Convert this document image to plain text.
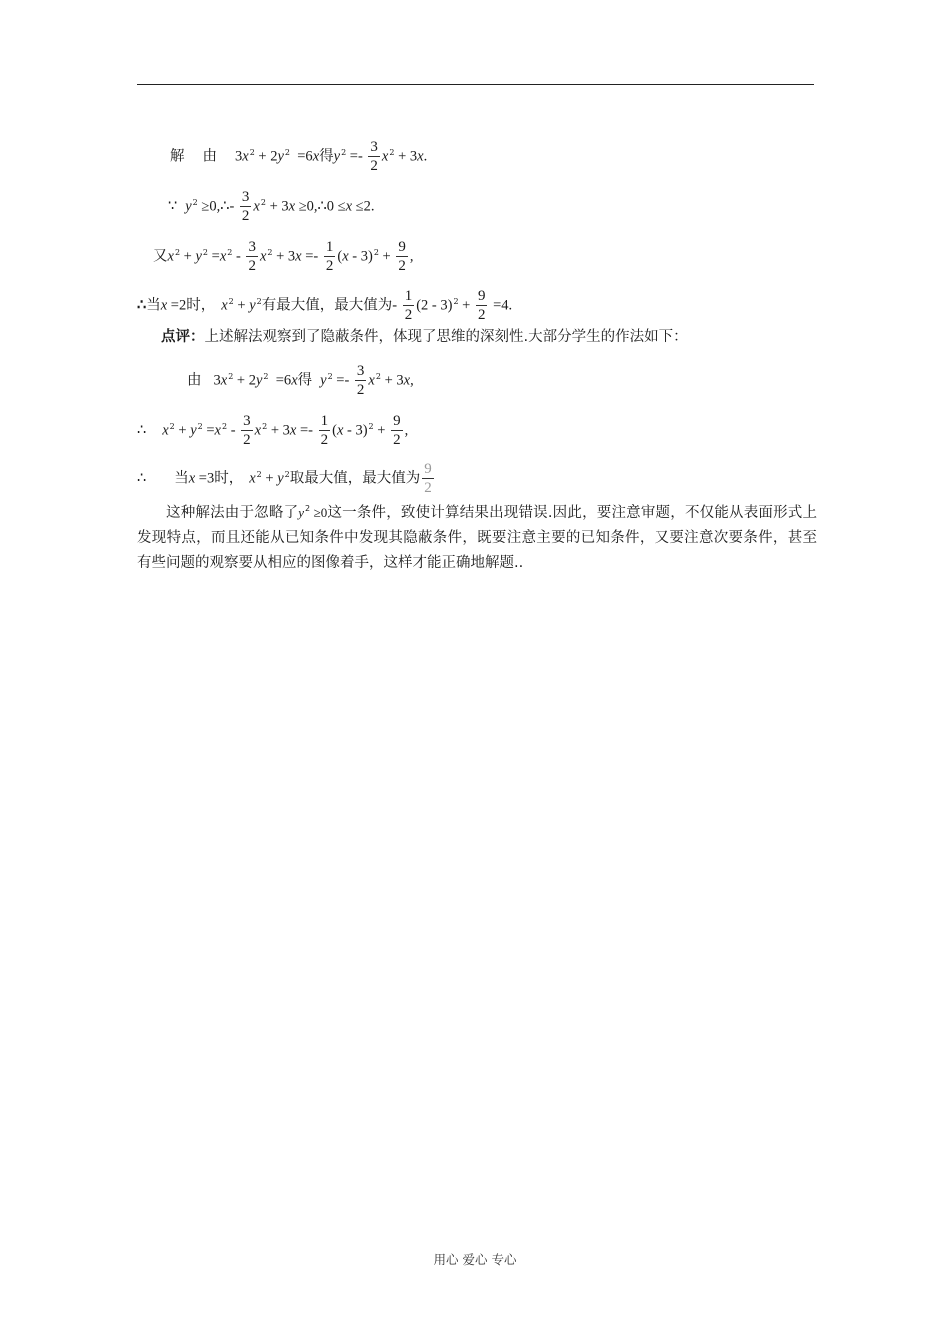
解 由 $3x^2 + 2y^2 =6x$得$y^2 =- \frac{3}{2} x^2 + 3x$.
∵ $y^2$ ≥0,∴- $\frac{3}{2} x^2 + 3x$ ≥0,∴0 ≤x ≤2.
又$x^2 + y^2 =x^2 - \frac{3}{2} x^2 + 3x =- \frac{1}{2} (x - 3)^2 + \frac{9}{2}$ ,
∴当x =2时， $x^2 + y^2$有最大值，最大值为- $\frac{1}{2} (2 - 3)^2 + \frac{9}{2} =4$.
点评：上述解法观察到了隐蔽条件，体现了思维的深刻性.大部分学生的作法如下：
由 $3x^2 + 2y^2 =6x$得 $y^2 =- \frac{3}{2} x^2 + 3x$,
∴ $x^2 + y^2 =x^2 - \frac{3}{2} x^2 + 3x =- \frac{1}{2} (x - 3)^2 + \frac{9}{2}$ ,
∴ 当x =3时， $x^2 + y^2$取最大值，最大值为 $\frac{9}{2}$
这种解法由于忽略了$y^2 \ge 0$这一条件，致使计算结果出现错误.因此，要注意审题，不仅能从表面形式上发现特点，而且还能从已知条件中发现其隐蔽条件，既要注意主要的已知条件，又要注意次要条件，甚至有些问题的观察要从相应的图像着手，这样才能正确地解题..
用心 爱心 专心
